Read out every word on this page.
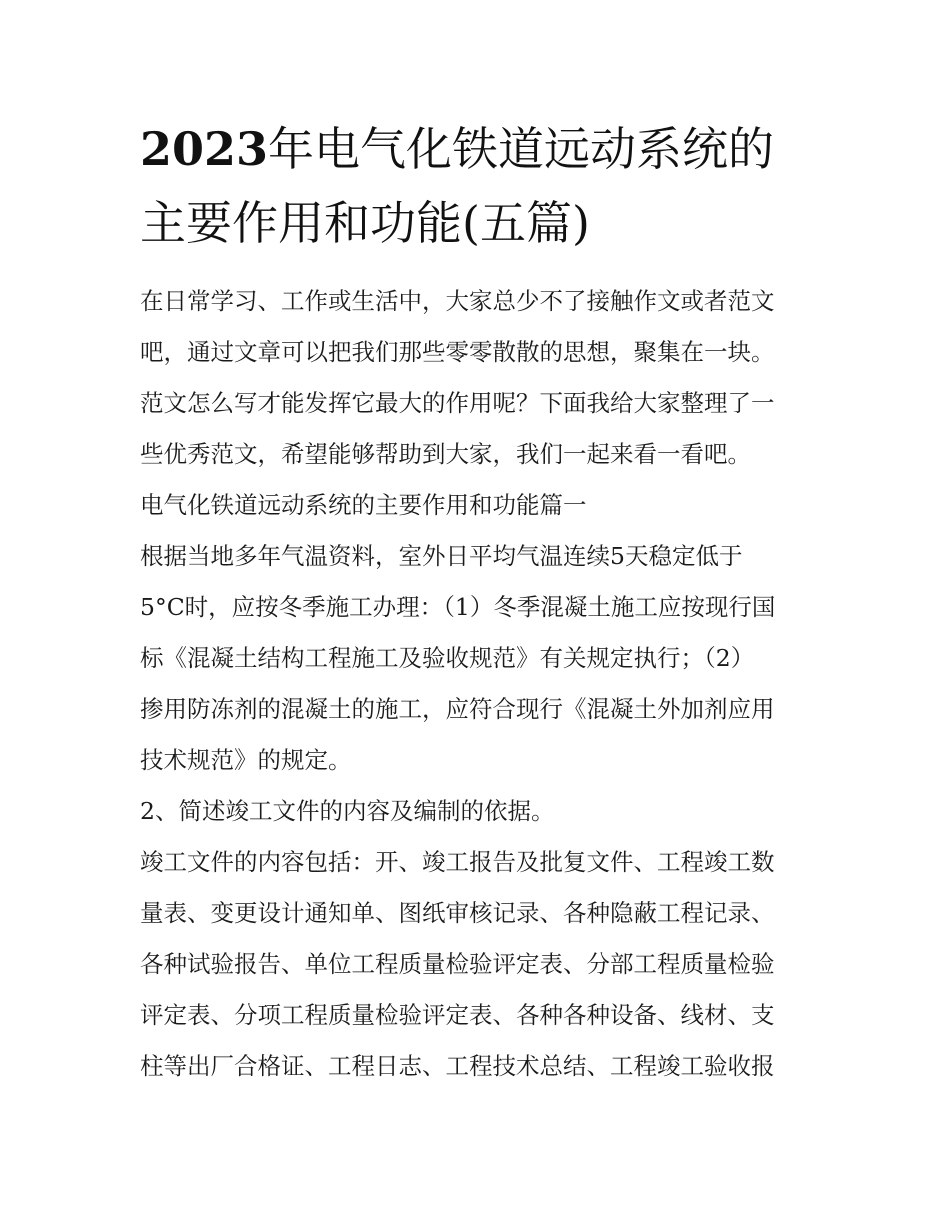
2023年电气化铁道远动系统的
主要作用和功能(五篇)
在日常学习、工作或生活中，大家总少不了接触作文或者范文
吧，通过文章可以把我们那些零零散散的思想，聚集在一块。
范文怎么写才能发挥它最大的作用呢？下面我给大家整理了一
些优秀范文，希望能够帮助到大家，我们一起来看一看吧。
电气化铁道远动系统的主要作用和功能篇一
根据当地多年气温资料，室外日平均气温连续5天稳定低于
5°C时，应按冬季施工办理：（1）冬季混凝土施工应按现行国
标《混凝土结构工程施工及验收规范》有关规定执行；（2）
掺用防冻剂的混凝土的施工，应符合现行《混凝土外加剂应用
技术规范》的规定。
2、简述竣工文件的内容及编制的依据。
竣工文件的内容包括：开、竣工报告及批复文件、工程竣工数
量表、变更设计通知单、图纸审核记录、各种隐蔽工程记录、
各种试验报告、单位工程质量检验评定表、分部工程质量检验
评定表、分项工程质量检验评定表、各种各种设备、线材、支
柱等出厂合格证、工程日志、工程技术总结、工程竣工验收报
